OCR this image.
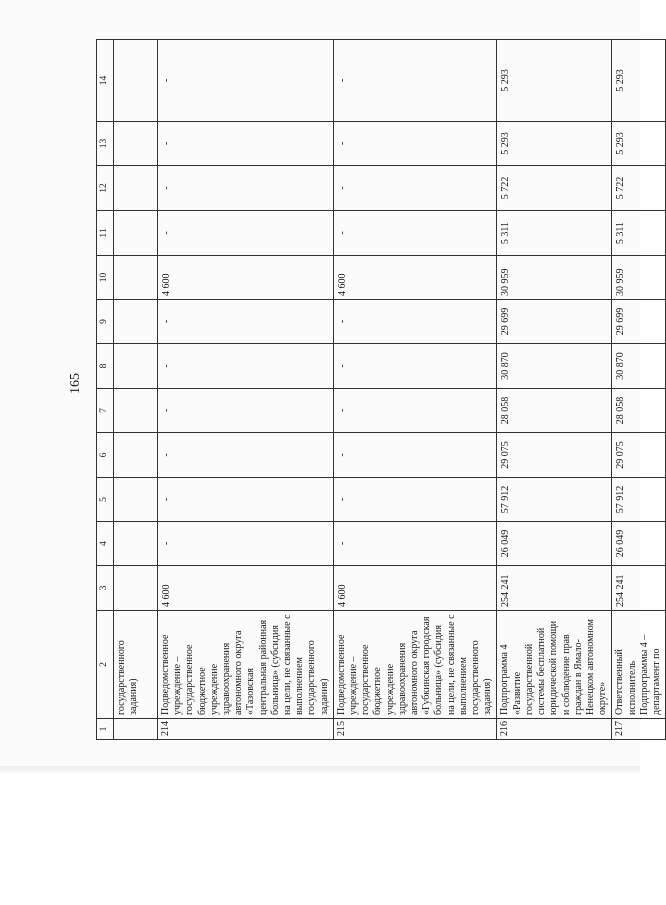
165
1	2	3	4	5	6	7	8	9	10	11	12	13	14
	государственного задания)												
214	Подведомственное учреждение – государственное бюджетное учреждение здравоохранения автономного округа «Тазовская центральная районная больница» (субсидия на цели, не связанные с выполнением государственного задания)	4 600	-	-	-	-	-	-	4 600	-	-	-	-
215	Подведомственное учреждение – государственное бюджетное учреждение здравоохранения автономного округа «Губкинская городская больница» (субсидия на цели, не связанные с выполнением государственного задания)	4 600	-	-	-	-	-	-	4 600	-	-	-	-
216	Подпрограмма 4 «Развитие государственной системы бесплатной юридической помощи и соблюдение прав граждан в Ямало-Ненецком автономном округе»	254 241	26 049	57 912	29 075	28 058	30 870	29 699	30 959	5 311	5 722	5 293	5 293
217	Ответственный исполнитель Подпрограммы 4 – департамент по	254 241	26 049	57 912	29 075	28 058	30 870	29 699	30 959	5 311	5 722	5 293	5 293
